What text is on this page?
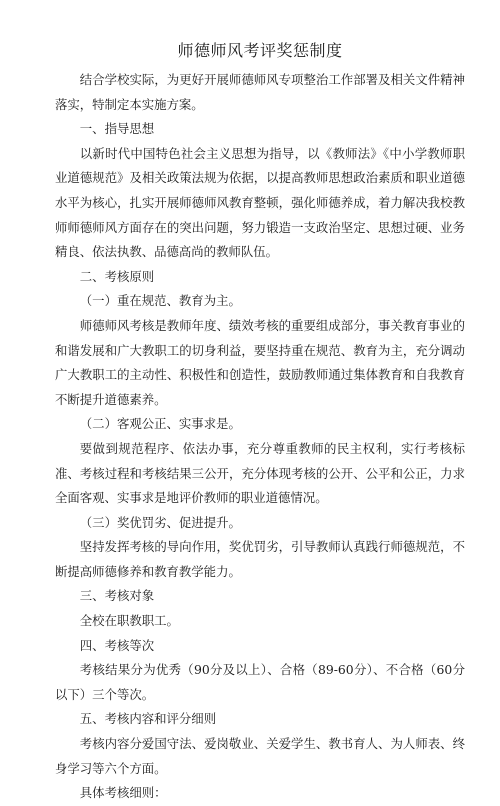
师德师风考评奖惩制度

结合学校实际，为更好开展师德师风专项整治工作部署及相关文件精神落实，特制定本实施方案。

一、指导思想

以新时代中国特色社会主义思想为指导，以《教师法》《中小学教师职业道德规范》及相关政策法规为依据，以提高教师思想政治素质和职业道德水平为核心，扎实开展师德师风教育整顿，强化师德养成，着力解决我校教师师德师风方面存在的突出问题，努力锻造一支政治坚定、思想过硬、业务精良、依法执教、品德高尚的教师队伍。

二、考核原则

（一）重在规范、教育为主。

师德师风考核是教师年度、绩效考核的重要组成部分，事关教育事业的和谐发展和广大教职工的切身利益，要坚持重在规范、教育为主，充分调动广大教职工的主动性、积极性和创造性，鼓励教师通过集体教育和自我教育不断提升道德素养。

（二）客观公正、实事求是。

要做到规范程序、依法办事，充分尊重教师的民主权利，实行考核标准、考核过程和考核结果三公开，充分体现考核的公开、公平和公正，力求全面客观、实事求是地评价教师的职业道德情况。

（三）奖优罚劣、促进提升。

坚持发挥考核的导向作用，奖优罚劣，引导教师认真践行师德规范，不断提高师德修养和教育教学能力。

三、考核对象

全校在职教职工。

四、考核等次

考核结果分为优秀（90分及以上）、合格（89-60分）、不合格（60分以下）三个等次。

五、考核内容和评分细则

考核内容分爱国守法、爱岗敬业、关爱学生、教书育人、为人师表、终身学习等六个方面。

具体考核细则：
